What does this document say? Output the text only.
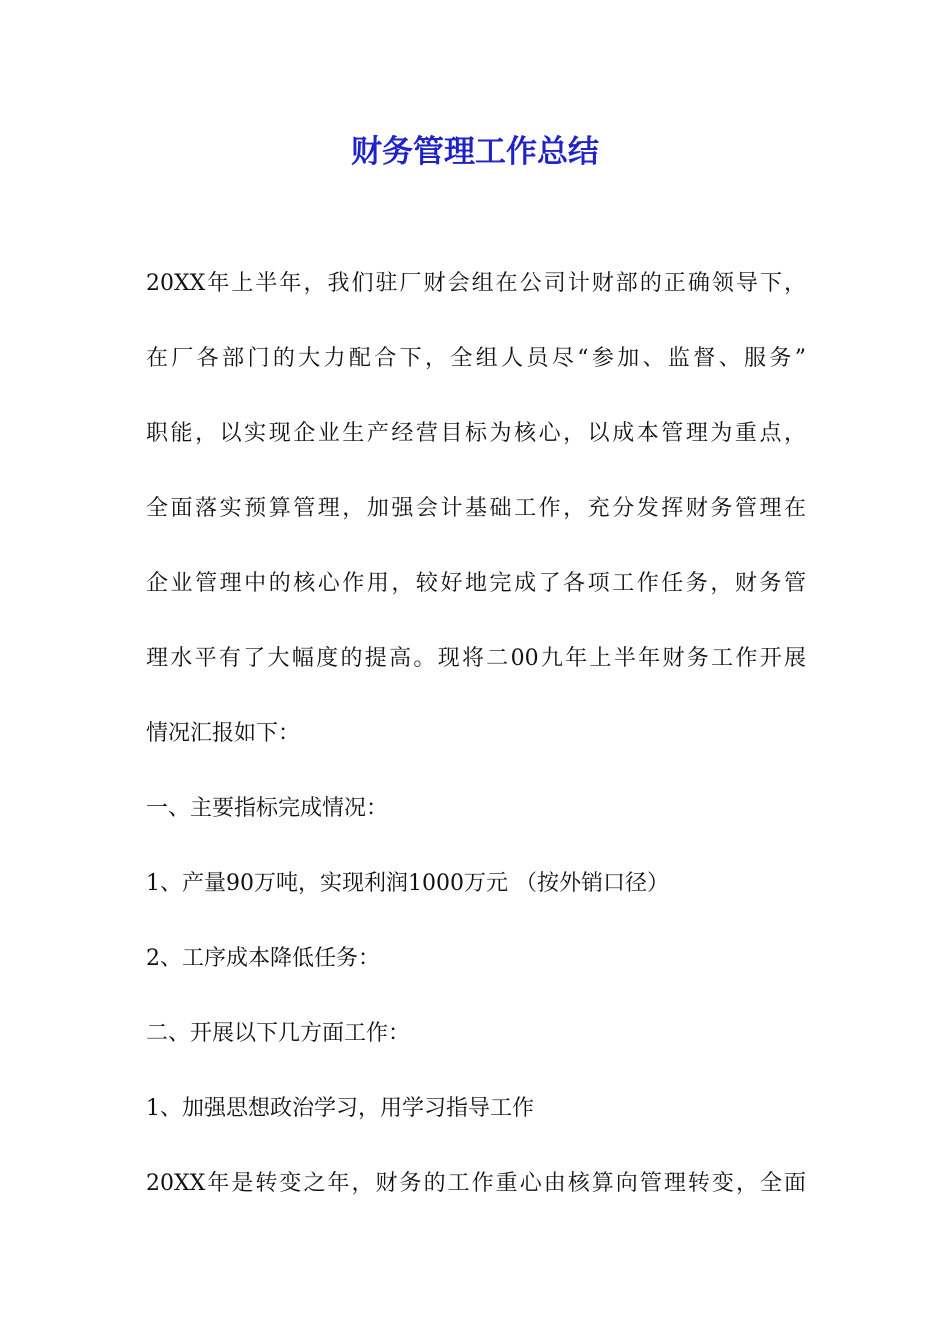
财务管理工作总结

20XX年上半年，我们驻厂财会组在公司计财部的正确领导下，

在厂各部门的大力配合下，全组人员尽“参加、监督、服务”

职能，以实现企业生产经营目标为核心，以成本管理为重点，

全面落实预算管理，加强会计基础工作，充分发挥财务管理在

企业管理中的核心作用，较好地完成了各项工作任务，财务管

理水平有了大幅度的提高。现将二00九年上半年财务工作开展

情况汇报如下：

一、主要指标完成情况：

1、产量90万吨，实现利润1000万元 （按外销口径）

2、工序成本降低任务：

二、开展以下几方面工作：

1、加强思想政治学习，用学习指导工作

20XX年是转变之年，财务的工作重心由核算向管理转变，全面
